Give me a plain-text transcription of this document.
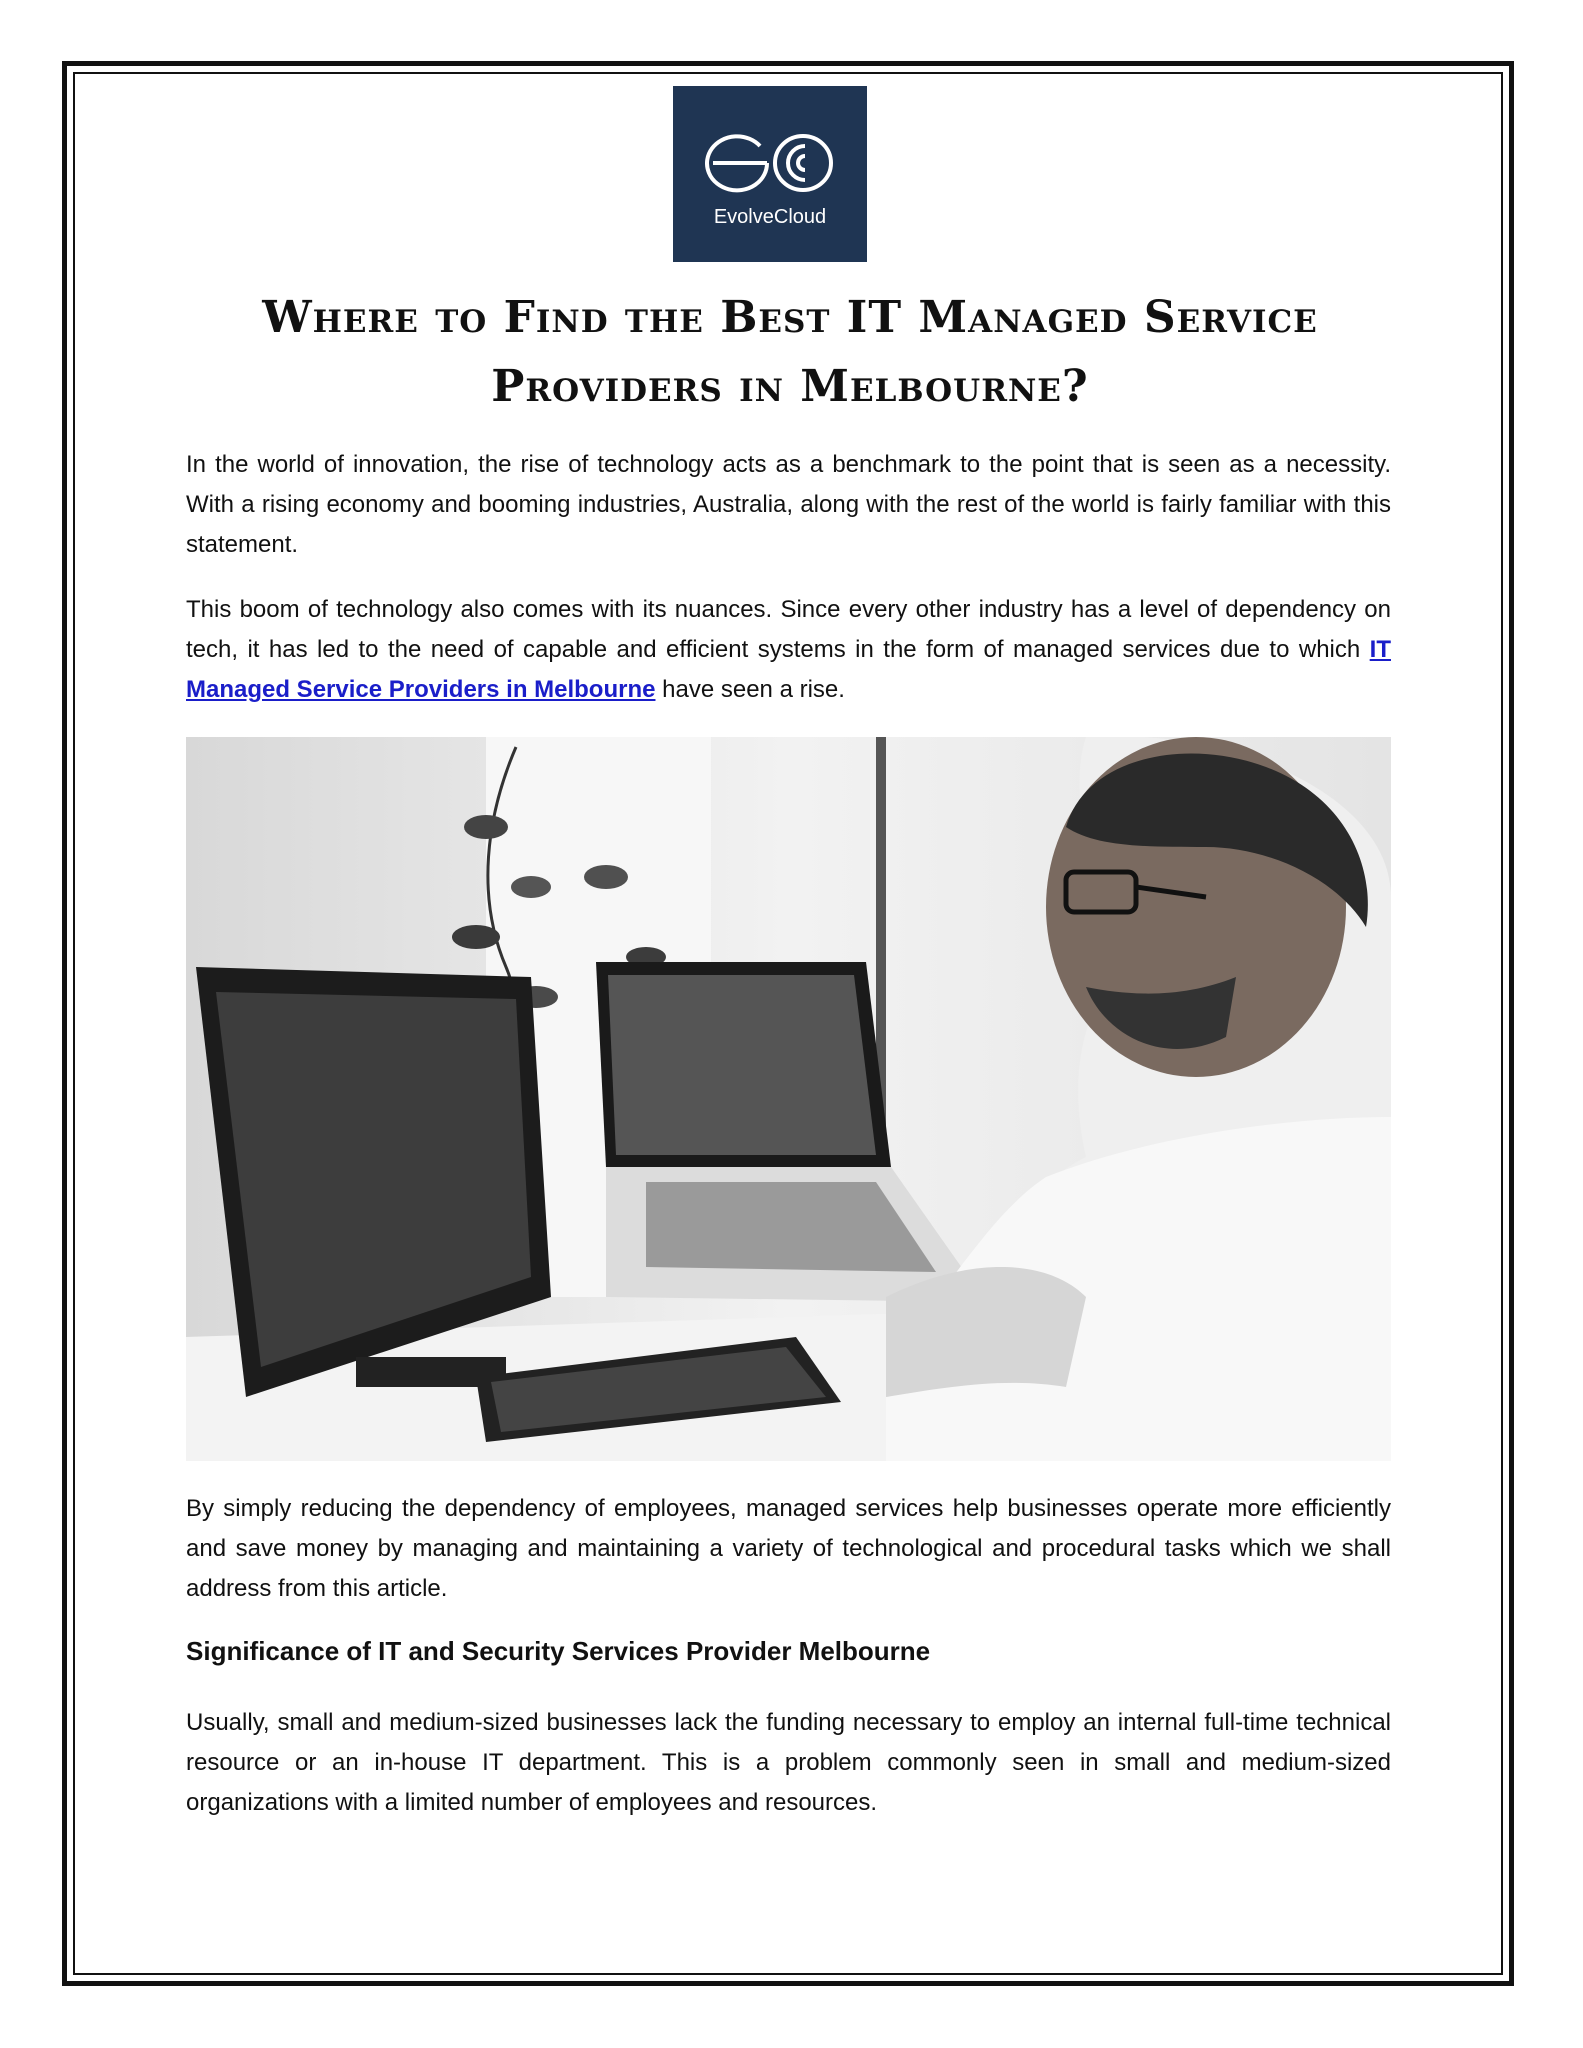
EvolveCloud
Where to Find the Best IT Managed Service
Providers in Melbourne?

In the world of innovation, the rise of technology acts as a benchmark to the point that is seen as a necessity. With a rising economy and booming industries, Australia, along with the rest of the world is fairly familiar with this statement.

This boom of technology also comes with its nuances. Since every other industry has a level of dependency on tech, it has led to the need of capable and efficient systems in the form of managed services due to which IT Managed Service Providers in Melbourne have seen a rise.

By simply reducing the dependency of employees, managed services help businesses operate more efficiently and save money by managing and maintaining a variety of technological and procedural tasks which we shall address from this article.

Significance of IT and Security Services Provider Melbourne

Usually, small and medium-sized businesses lack the funding necessary to employ an internal full-time technical resource or an in-house IT department. This is a problem commonly seen in small and medium-sized organizations with a limited number of employees and resources.
